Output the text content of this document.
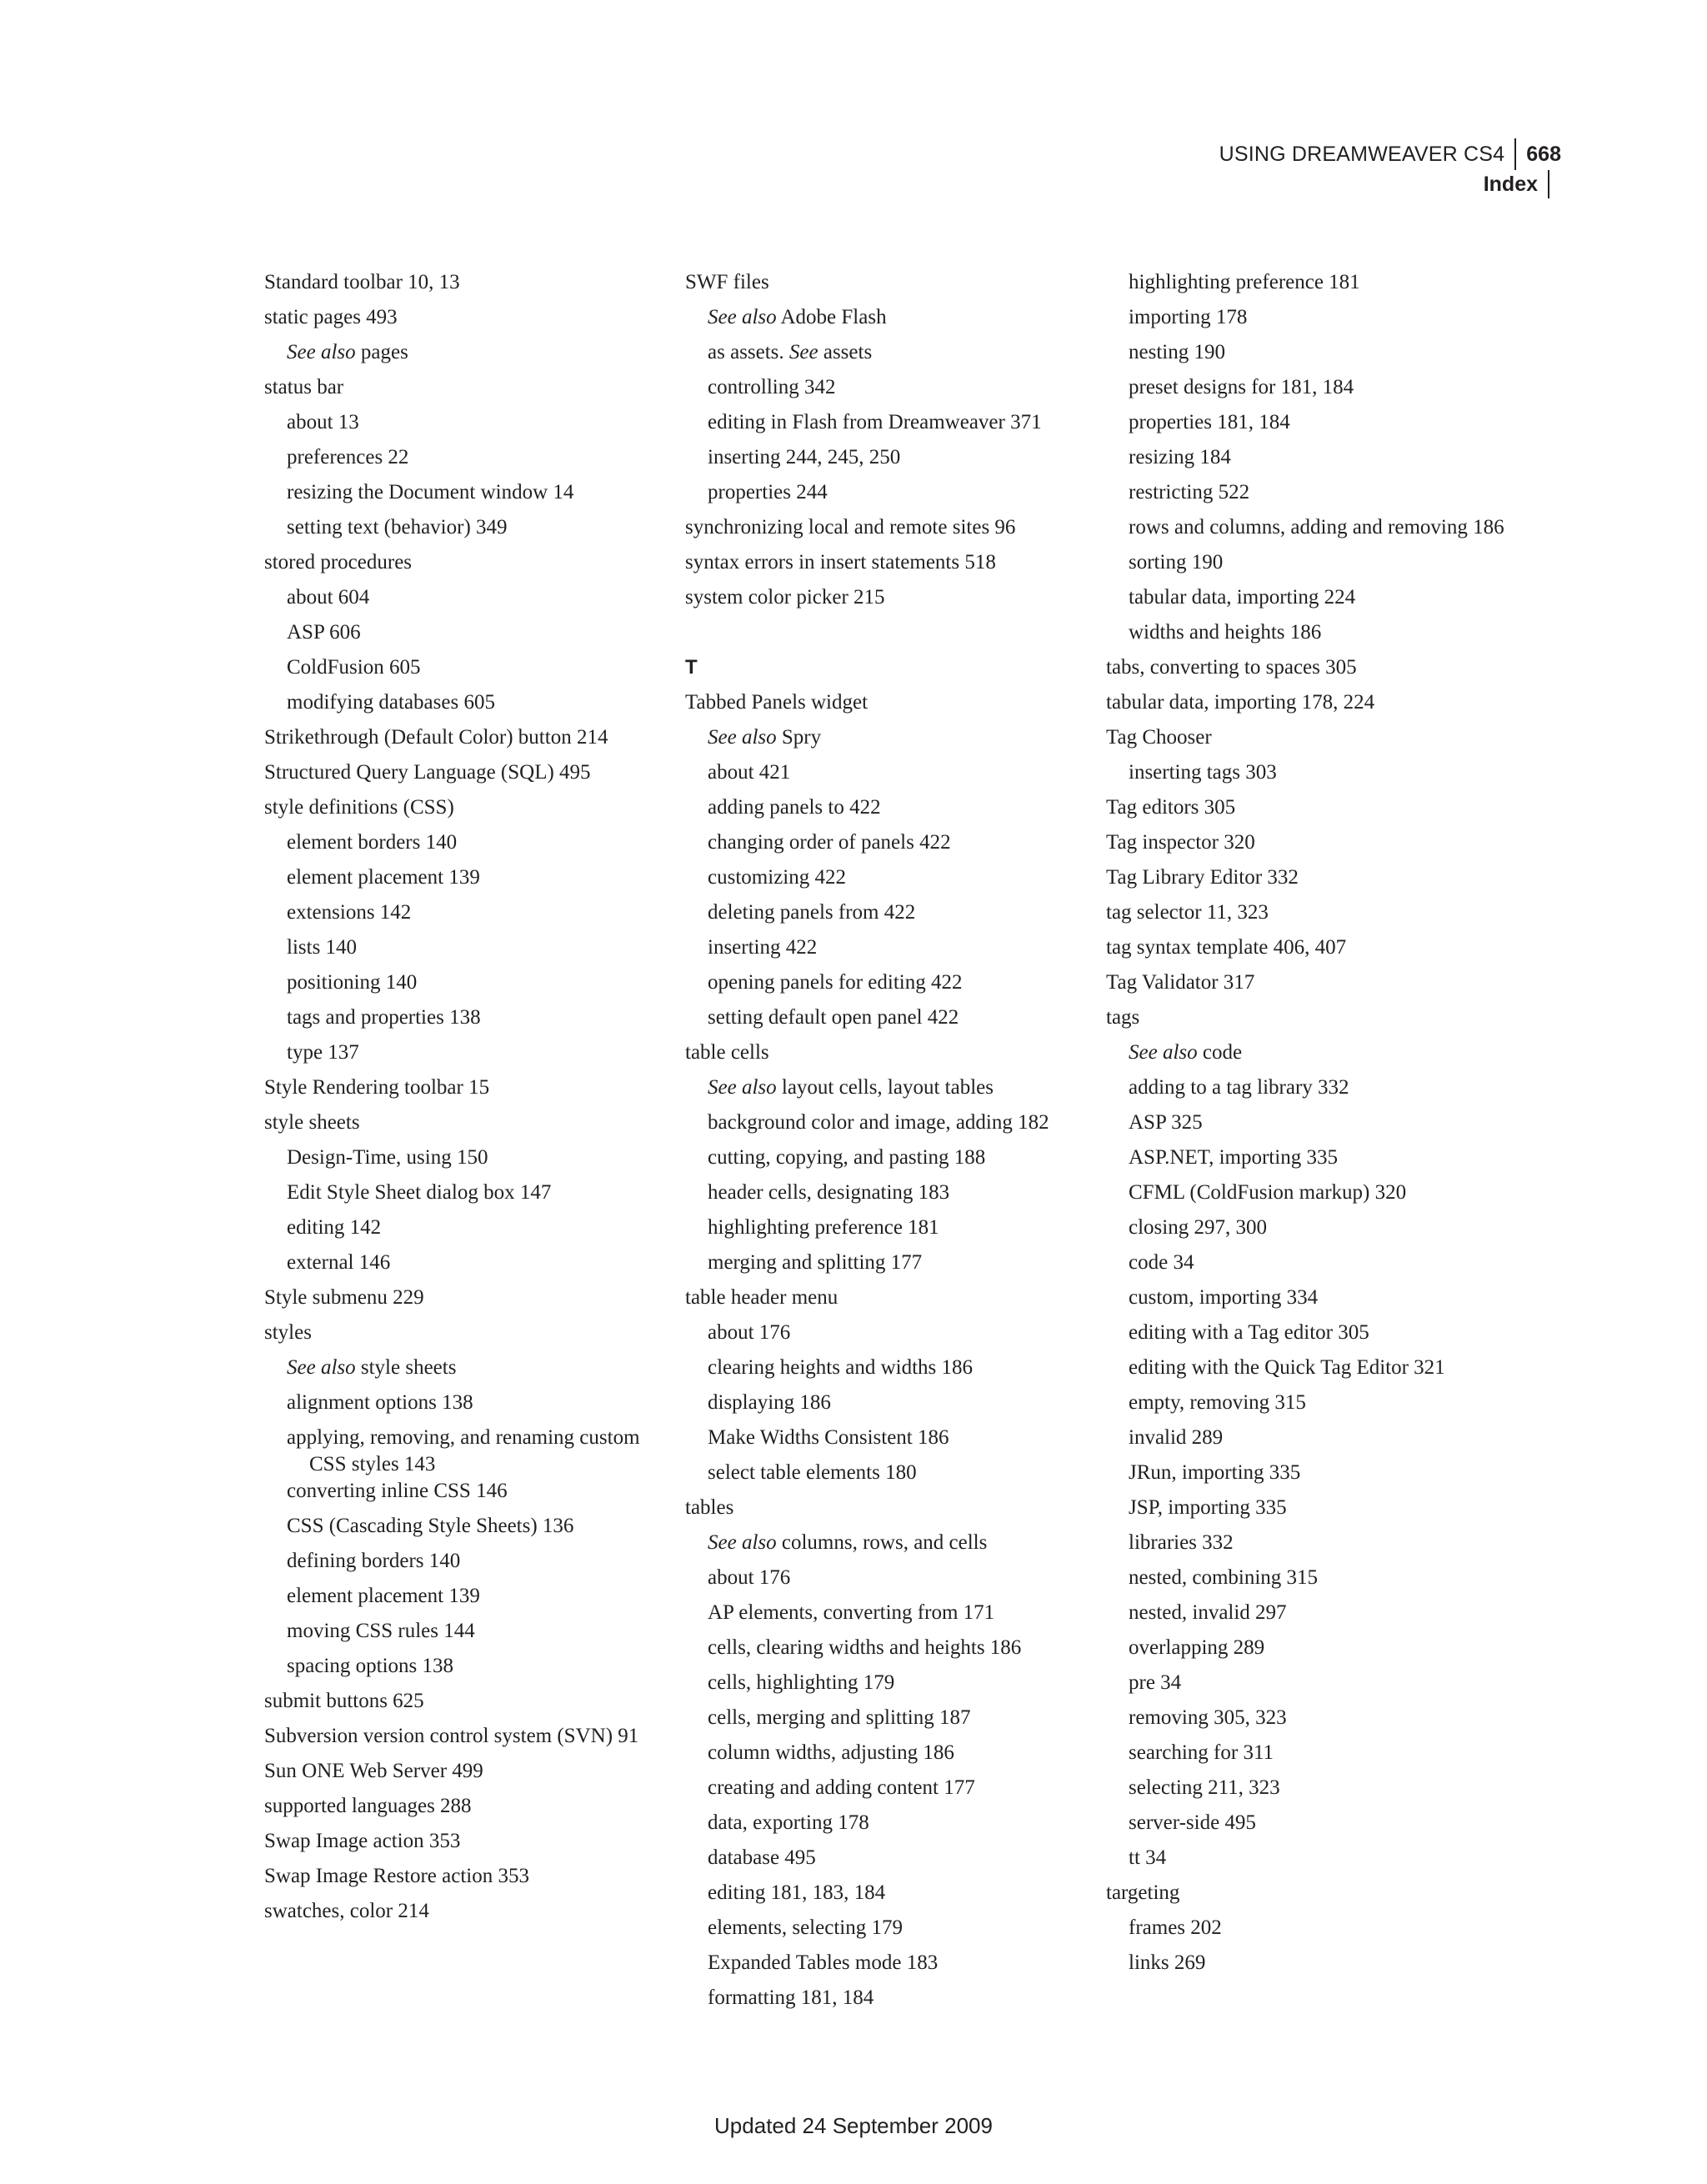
USING DREAMWEAVER CS4	668
Index
Standard toolbar 10, 13
static pages 493
See also pages
status bar
about 13
preferences 22
resizing the Document window 14
setting text (behavior) 349
stored procedures
about 604
ASP 606
ColdFusion 605
modifying databases 605
Strikethrough (Default Color) button 214
Structured Query Language (SQL) 495
style definitions (CSS)
element borders 140
element placement 139
extensions 142
lists 140
positioning 140
tags and properties 138
type 137
Style Rendering toolbar 15
style sheets
Design-Time, using 150
Edit Style Sheet dialog box 147
editing 142
external 146
Style submenu 229
styles
See also style sheets
alignment options 138
applying, removing, and renaming custom CSS styles 143
converting inline CSS 146
CSS (Cascading Style Sheets) 136
defining borders 140
element placement 139
moving CSS rules 144
spacing options 138
submit buttons 625
Subversion version control system (SVN) 91
Sun ONE Web Server 499
supported languages 288
Swap Image action 353
Swap Image Restore action 353
swatches, color 214
SWF files
See also Adobe Flash
as assets. See assets
controlling 342
editing in Flash from Dreamweaver 371
inserting 244, 245, 250
properties 244
synchronizing local and remote sites 96
syntax errors in insert statements 518
system color picker 215
T
Tabbed Panels widget
See also Spry
about 421
adding panels to 422
changing order of panels 422
customizing 422
deleting panels from 422
inserting 422
opening panels for editing 422
setting default open panel 422
table cells
See also layout cells, layout tables
background color and image, adding 182
cutting, copying, and pasting 188
header cells, designating 183
highlighting preference 181
merging and splitting 177
table header menu
about 176
clearing heights and widths 186
displaying 186
Make Widths Consistent 186
select table elements 180
tables
See also columns, rows, and cells
about 176
AP elements, converting from 171
cells, clearing widths and heights 186
cells, highlighting 179
cells, merging and splitting 187
column widths, adjusting 186
creating and adding content 177
data, exporting 178
database 495
editing 181, 183, 184
elements, selecting 179
Expanded Tables mode 183
formatting 181, 184
highlighting preference 181
importing 178
nesting 190
preset designs for 181, 184
properties 181, 184
resizing 184
restricting 522
rows and columns, adding and removing 186
sorting 190
tabular data, importing 224
widths and heights 186
tabs, converting to spaces 305
tabular data, importing 178, 224
Tag Chooser
inserting tags 303
Tag editors 305
Tag inspector 320
Tag Library Editor 332
tag selector 11, 323
tag syntax template 406, 407
Tag Validator 317
tags
See also code
adding to a tag library 332
ASP 325
ASP.NET, importing 335
CFML (ColdFusion markup) 320
closing 297, 300
code 34
custom, importing 334
editing with a Tag editor 305
editing with the Quick Tag Editor 321
empty, removing 315
invalid 289
JRun, importing 335
JSP, importing 335
libraries 332
nested, combining 315
nested, invalid 297
overlapping 289
pre 34
removing 305, 323
searching for 311
selecting 211, 323
server-side 495
tt 34
targeting
frames 202
links 269
Updated 24 September 2009
